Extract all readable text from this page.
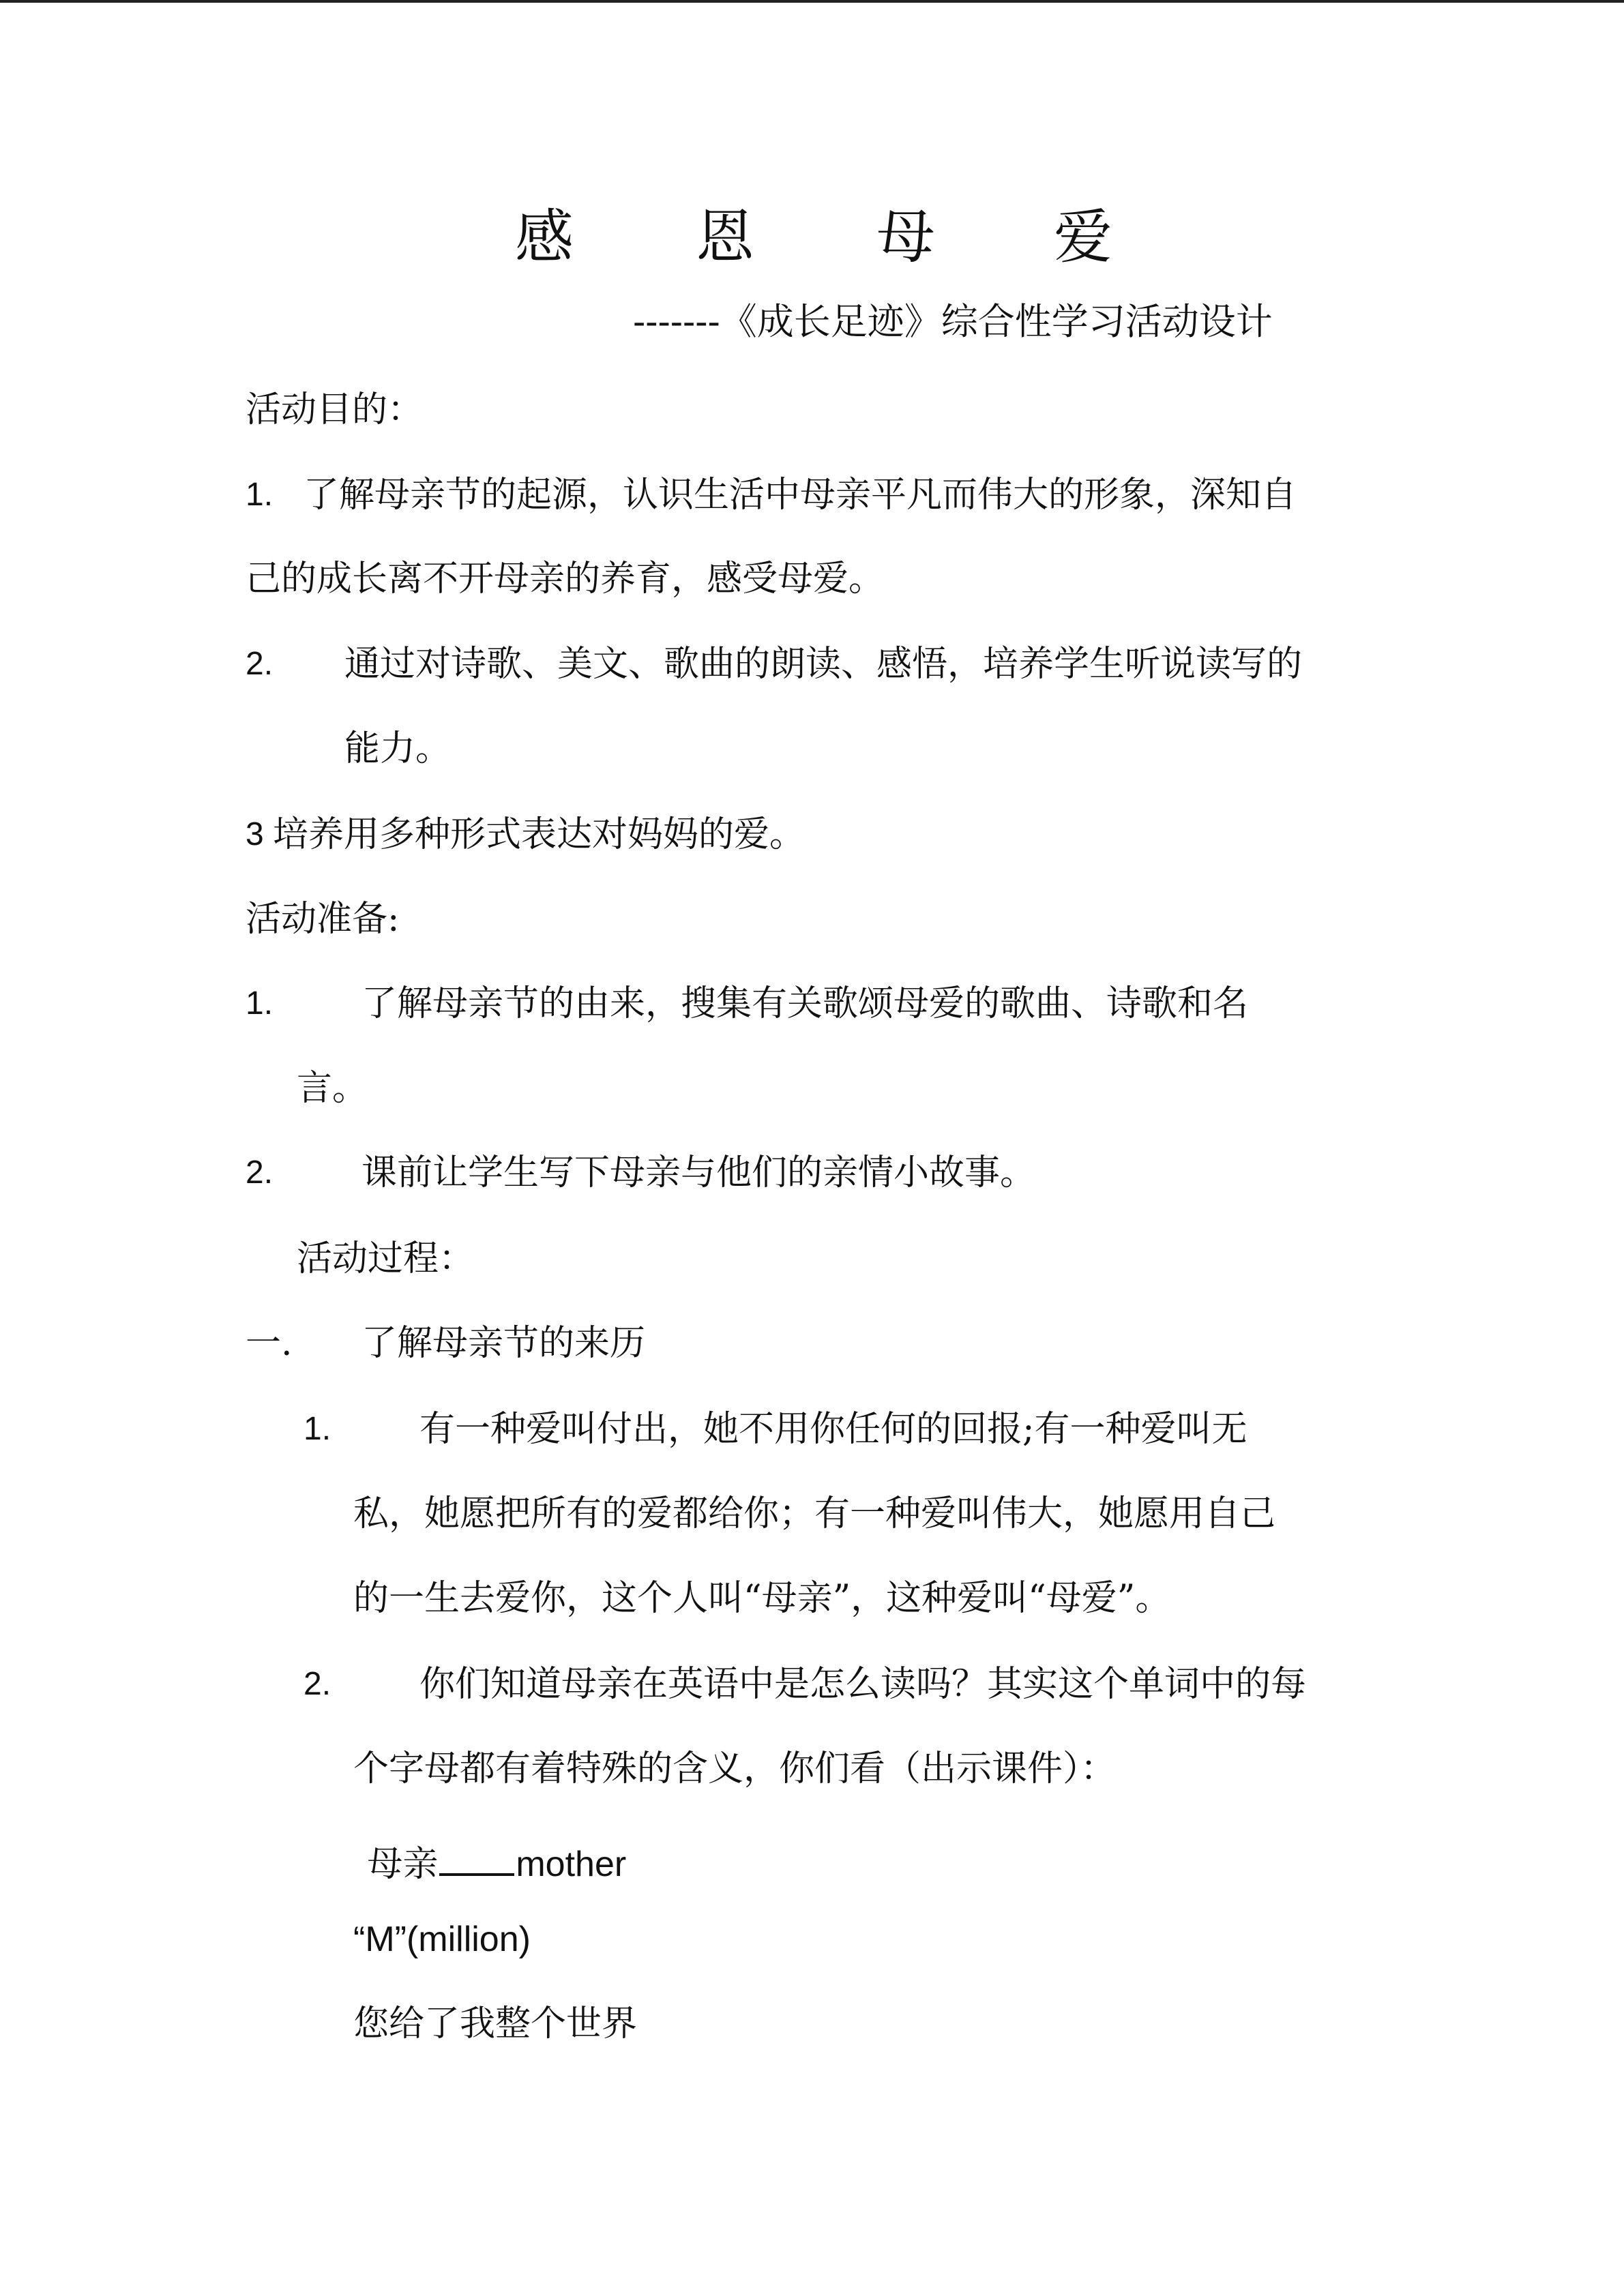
感 恩 母 爱
-------《成长足迹》综合性学习活动设计
活动目的：
1. 了解母亲节的起源，认识生活中母亲平凡而伟大的形象，深知自
己的成长离不开母亲的养育，感受母爱。
2. 通过对诗歌、美文、歌曲的朗读、感悟，培养学生听说读写的
能力。
3 培养用多种形式表达对妈妈的爱。
活动准备:
1. 了解母亲节的由来，搜集有关歌颂母爱的歌曲、诗歌和名
言。
2. 课前让学生写下母亲与他们的亲情小故事。
活动过程：
一. 了解母亲节的来历
1. 有一种爱叫付出，她不用你任何的回报;有一种爱叫无
私，她愿把所有的爱都给你；有一种爱叫伟大，她愿用自己
的一生去爱你，这个人叫“母亲”，这种爱叫“母爱”。
2. 你们知道母亲在英语中是怎么读吗？其实这个单词中的每
个字母都有着特殊的含义，你们看（出示课件）：

母亲 mother

“M”(million)
您给了我整个世界
